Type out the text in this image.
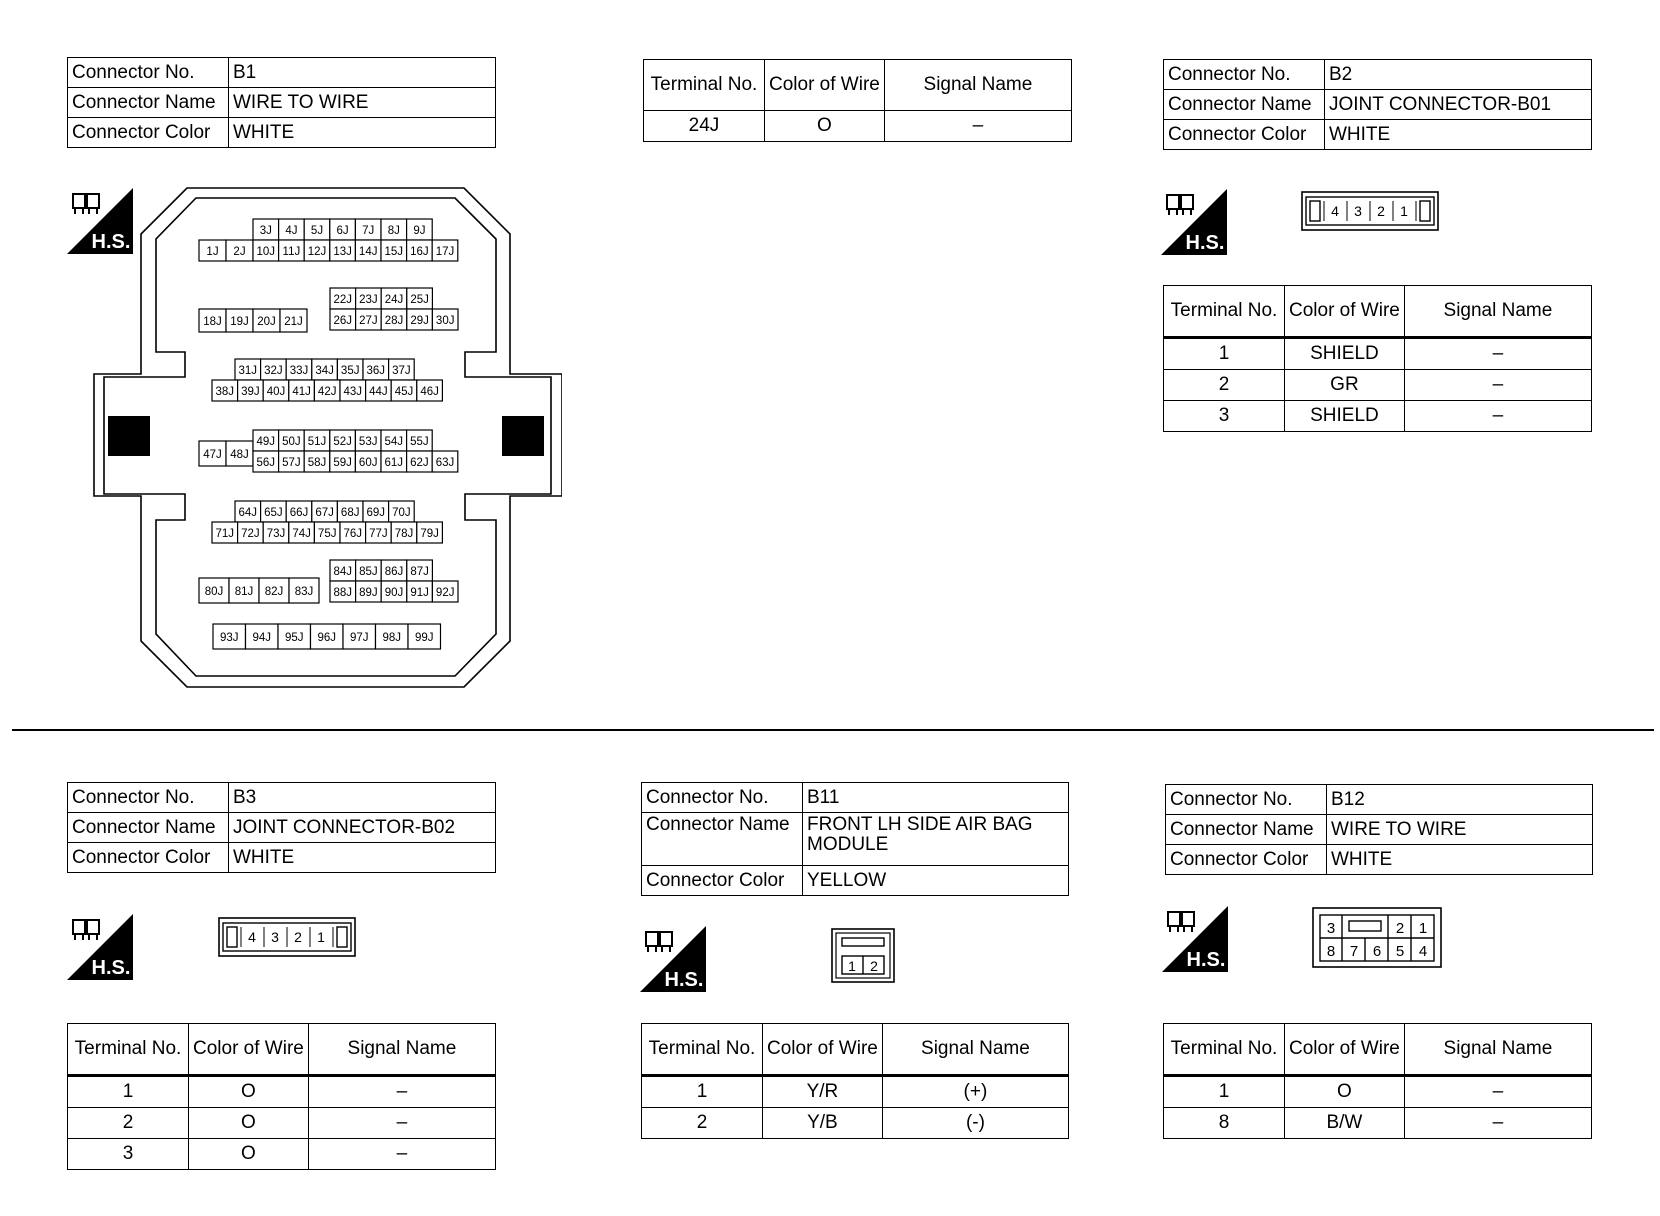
Connector No.	B1
Connector Name	WIRE TO WIRE
Connector Color	WHITE
Terminal No.	Color of Wire	Signal Name
24J	O	–
H.S.	1J 2J
3J 4J 5J 6J 7J 8J 9J
10J 11J 12J 13J 14J 15J 16J 17J
18J 19J 20J 21J
22J 23J 24J 25J
26J 27J 28J 29J 30J
31J 32J 33J 34J 35J 36J 37J
38J 39J 40J 41J 42J 43J 44J 45J 46J
47J 48J
49J 50J 51J 52J 53J 54J 55J
56J 57J 58J 59J 60J 61J 62J 63J
64J 65J 66J 67J 68J 69J 70J
71J 72J 73J 74J 75J 76J 77J 78J 79J
80J 81J 82J 83J
84J 85J 86J 87J
88J 89J 90J 91J 92J
93J 94J 95J 96J 97J 98J 99J
Connector No.	B2
Connector Name	JOINT CONNECTOR-B01
Connector Color	WHITE
H.S.
4 3 2 1
Terminal No.	Color of Wire	Signal Name
1	SHIELD	–
2	GR	–
3	SHIELD	–
Connector No.	B3
Connector Name	JOINT CONNECTOR-B02
Connector Color	WHITE
H.S.
4 3 2 1
Terminal No.	Color of Wire	Signal Name
1	O	–
2	O	–
3	O	–
Connector No.	B11
Connector Name	FRONT LH SIDE AIR BAG MODULE
Connector Color	YELLOW
H.S.
1 2
Terminal No.	Color of Wire	Signal Name
1	Y/R	(+)
2	Y/B	(-)
Connector No.	B12
Connector Name	WIRE TO WIRE
Connector Color	WHITE
H.S.
3	2 1
8 7 6 5 4
Terminal No.	Color of Wire	Signal Name
1	O	–
8	B/W	–
